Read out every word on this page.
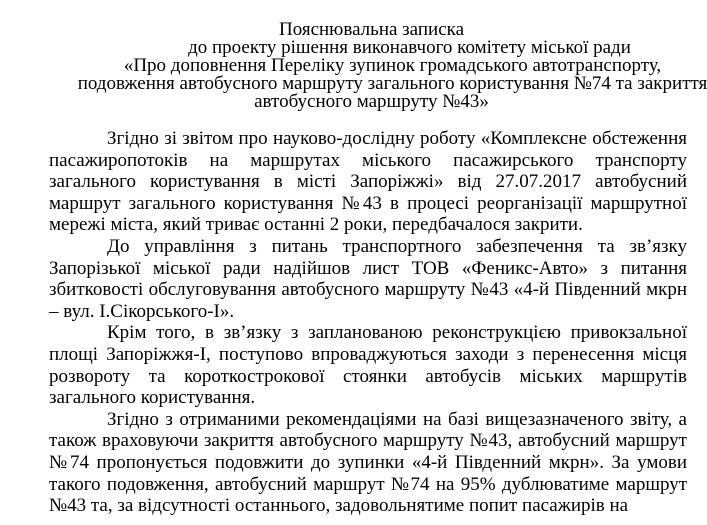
Пояснювальна записка
до проекту рішення виконавчого комітету міської ради
«Про доповнення Переліку зупинок громадського автотранспорту,
подовження автобусного маршруту загального користування №74 та закриття
автобусного маршруту №43»

Згідно зі звітом про науково-дослідну роботу «Комплексне обстеження пасажиропотоків на маршрутах міського пасажирського транспорту загального користування в місті Запоріжжі» від 27.07.2017 автобусний маршрут загального користування №43 в процесі реорганізації маршрутної мережі міста, який триває останні 2 роки, передбачалося закрити.

До управління з питань транспортного забезпечення та зв’язку Запорізької міської ради надійшов лист ТОВ «Феникс-Авто» з питання збитковості обслуговування автобусного маршруту №43 «4-й Південний мкрн – вул. І.Сікорського-І».

Крім того, в зв’язку з запланованою реконструкцією привокзальної площі Запоріжжя-І, поступово впроваджуються заходи з перенесення місця розвороту та короткострокової стоянки автобусів міських маршрутів загального користування.

Згідно з отриманими рекомендаціями на базі вищезазначеного звіту, а також враховуючи закриття автобусного маршруту №43, автобусний маршрут №74 пропонується подовжити до зупинки «4-й Південний мкрн». За умови такого подовження, автобусний маршрут №74 на 95% дублюватиме маршрут №43 та, за відсутності останнього, задовольнятиме попит пасажирів на
